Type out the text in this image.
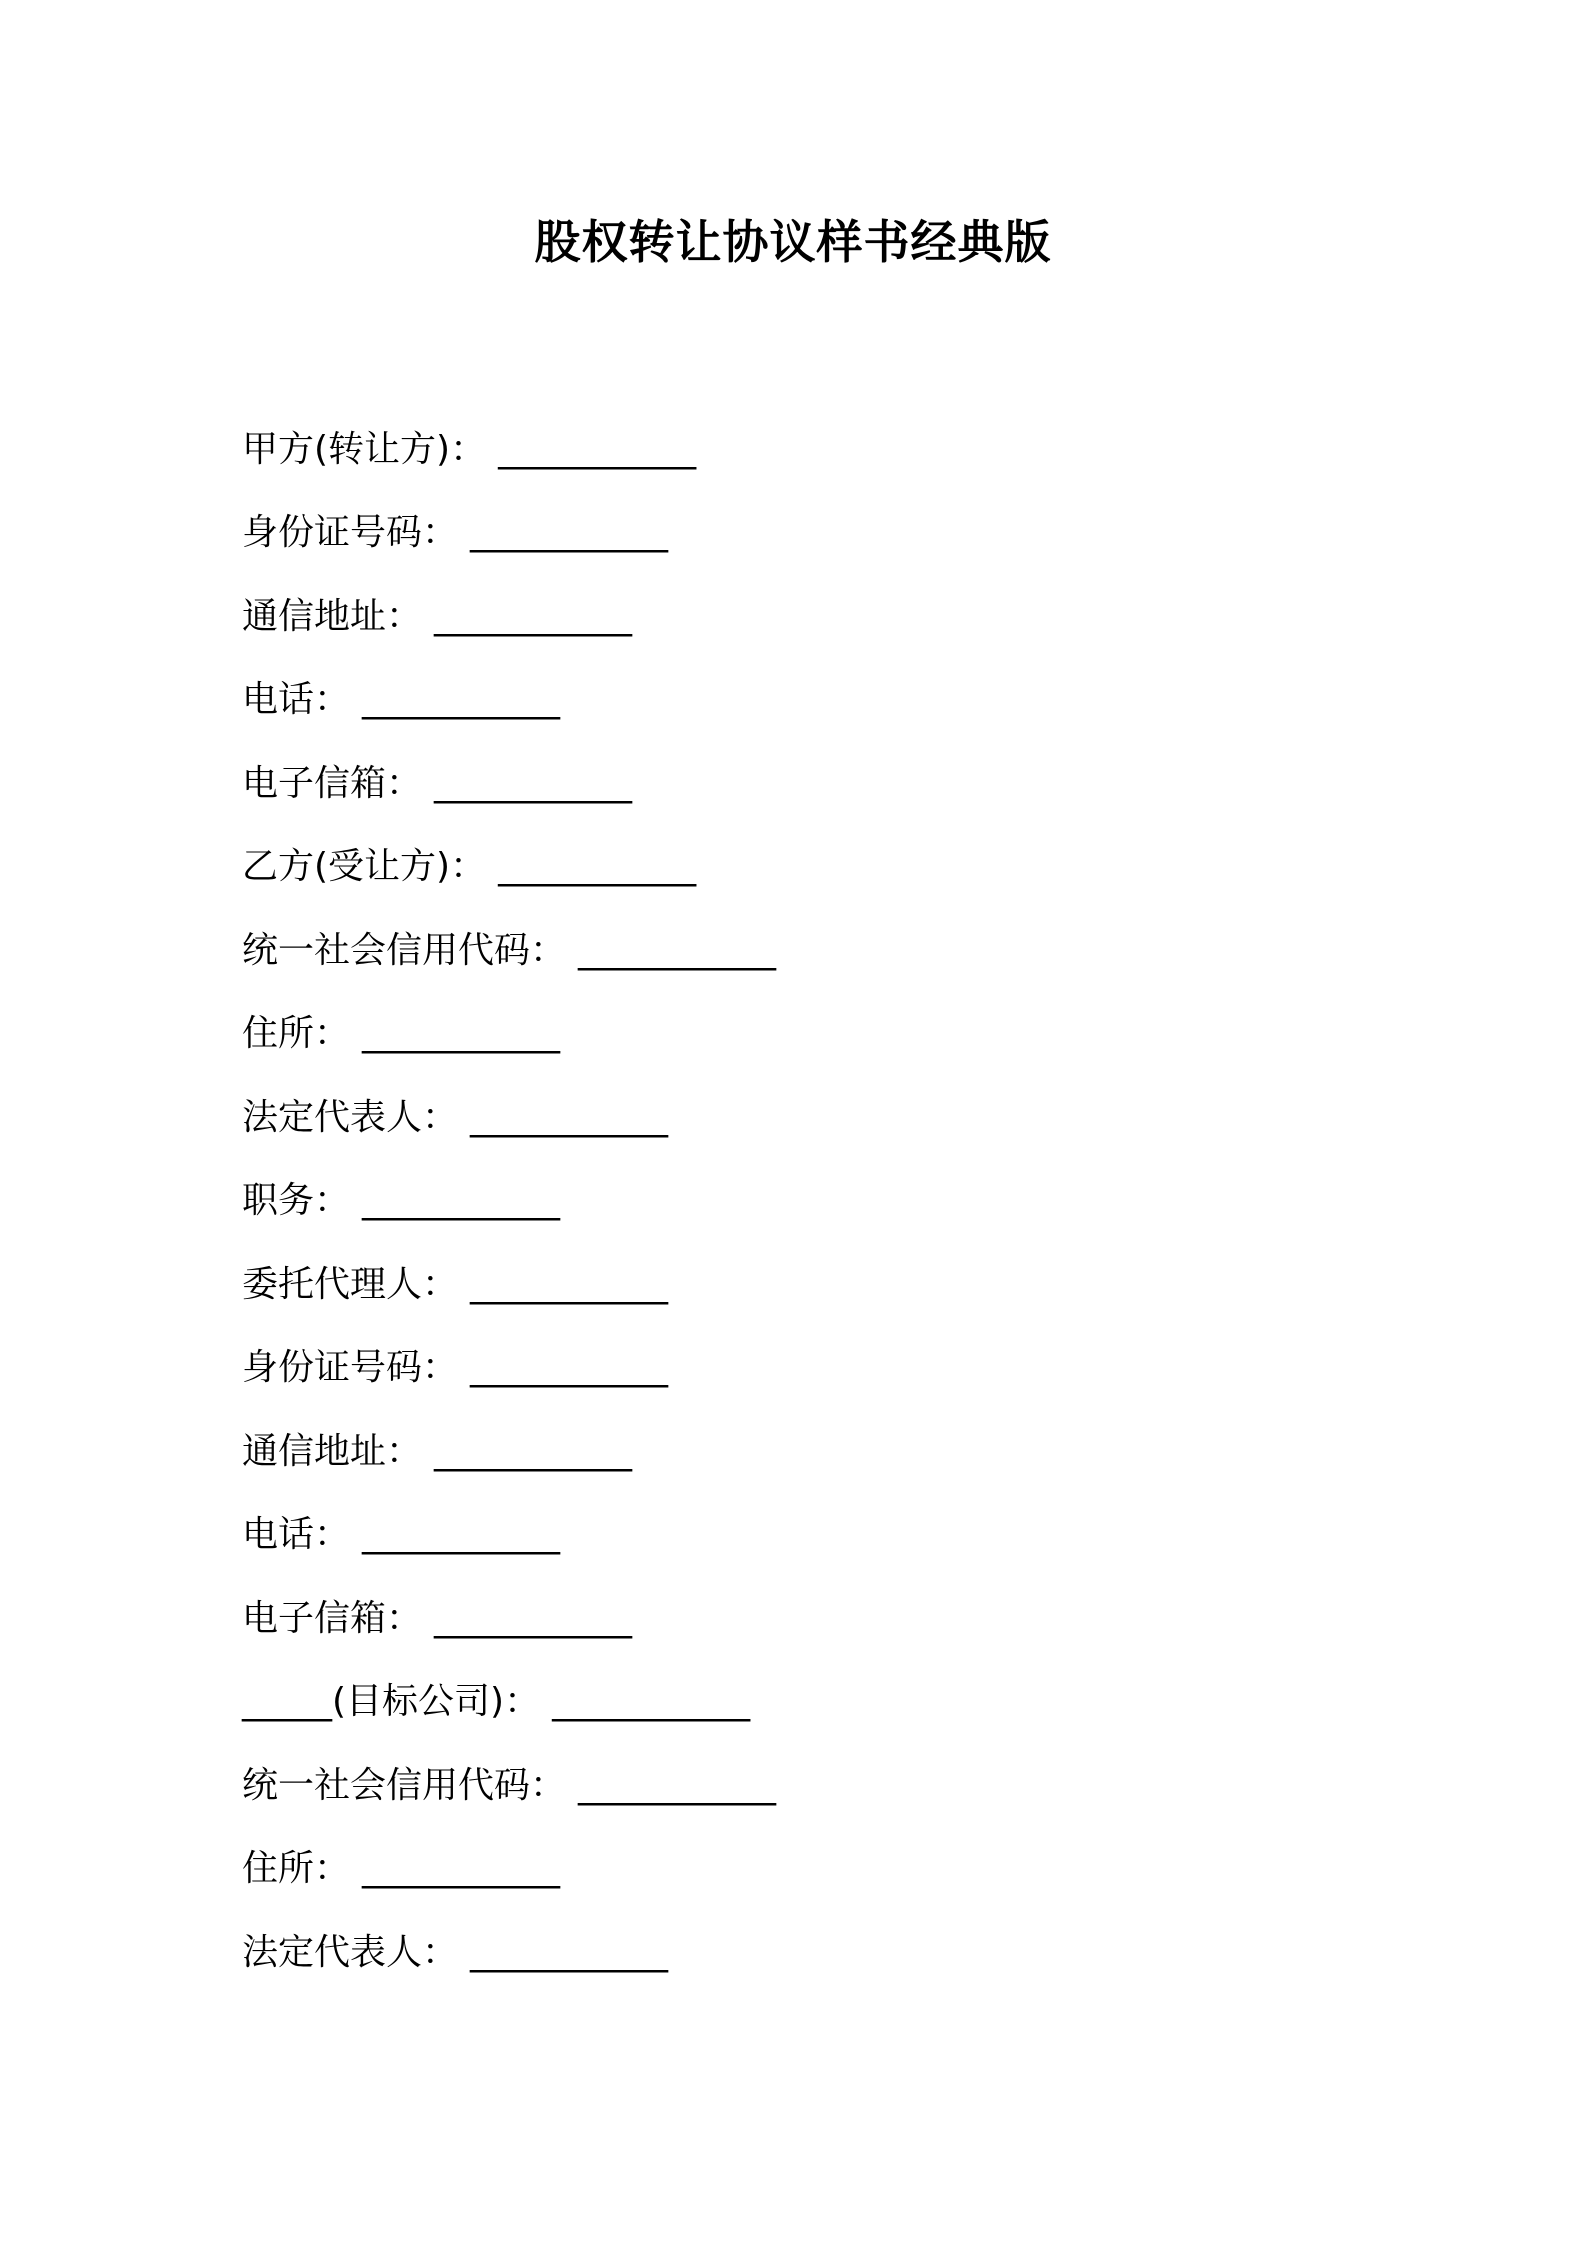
股权转让协议样书经典版
甲方(转让方) ： ___________
身份证号码 ： ___________
通信地址 ： ___________
电话 ： ___________
电子信箱 ： ___________
乙方(受让方) ： ___________
统一社会信用代码 ： ___________
住所 ： ___________
法定代表人 ： ___________
职务 ： ___________
委托代理人 ： ___________
身份证号码 ： ___________
通信地址 ： ___________
电话 ： ___________
电子信箱 ： ___________
_____(目标公司) ： ___________
统一社会信用代码 ： ___________
住所 ： ___________
法定代表人 ： ___________
